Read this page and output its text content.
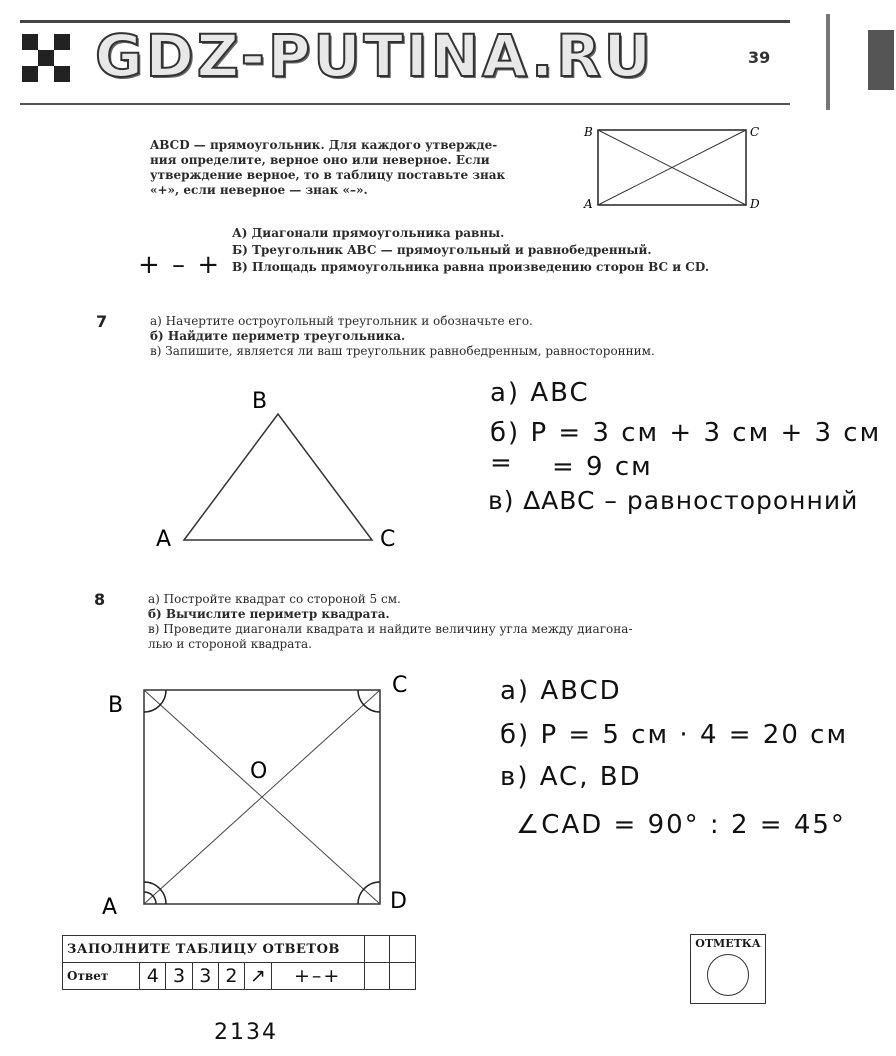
GDZ-PUTINA.RU	39
ABCD — прямоугольник. Для каждого утвержде-
ния определите, верное оно или неверное. Если
утверждение верное, то в таблицу поставьте знак
«+», если неверное — знак «–».
B	C
A	D
А) Диагонали прямоугольника равны.
Б) Треугольник ABC — прямоугольный и равнобедренный.
В) Площадь прямоугольника равна произведению сторон BC и CD.
+ – +
7	а) Начертите остроугольный треугольник и обозначьте его.
б) Найдите периметр треугольника.
в) Запишите, является ли ваш треугольник равнобедренным, равносторонним.
B
A	C
а) ABC
б) P = 3 см + 3 см + 3 см =	= 9 см
в) ∆ABC – равносторонний
8	а) Постройте квадрат со стороной 5 см.
б) Вычислите периметр квадрата.
в) Проведите диагонали квадрата и найдите величину угла между диагона-
лью и стороной квадрата.
B
C
A	D
O
а) ABCD
б) P = 5 см · 4 = 20 см
в) AC, BD
∠CAD = 90° : 2 = 45°
ЗАПОЛНИТЕ ТАБЛИЦУ ОТВЕТОВ								
Ответ	4	3	3	2	↗	+–+		
2134
ОТМЕТКА
